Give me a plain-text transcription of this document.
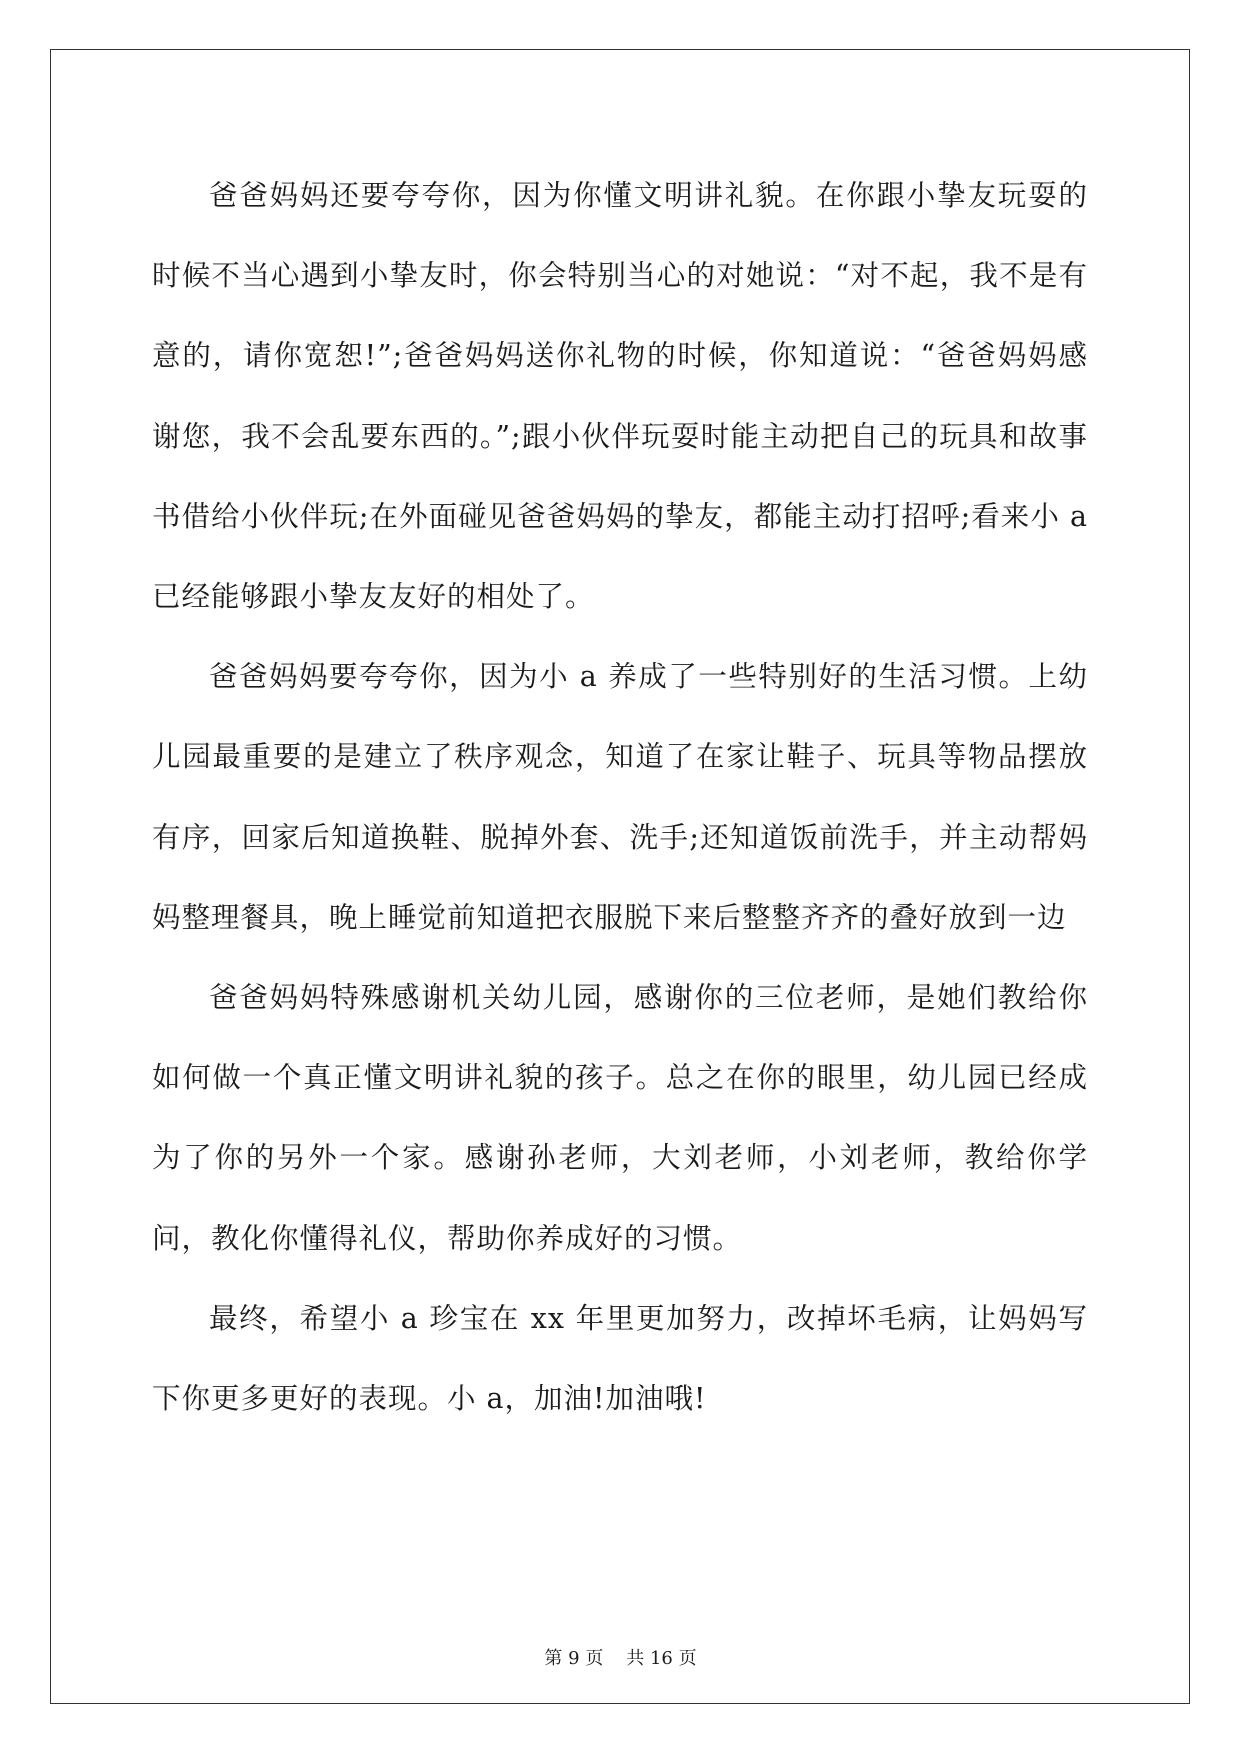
爸爸妈妈还要夸夸你，因为你懂文明讲礼貌。在你跟小挚友玩耍的时候不当心遇到小挚友时，你会特别当心的对她说：“对不起，我不是有意的，请你宽恕!”;爸爸妈妈送你礼物的时候，你知道说：“爸爸妈妈感谢您，我不会乱要东西的。”;跟小伙伴玩耍时能主动把自己的玩具和故事书借给小伙伴玩;在外面碰见爸爸妈妈的挚友，都能主动打招呼;看来小 a 已经能够跟小挚友友好的相处了。

爸爸妈妈要夸夸你，因为小 a 养成了一些特别好的生活习惯。上幼儿园最重要的是建立了秩序观念，知道了在家让鞋子、玩具等物品摆放有序，回家后知道换鞋、脱掉外套、洗手;还知道饭前洗手，并主动帮妈妈整理餐具，晚上睡觉前知道把衣服脱下来后整整齐齐的叠好放到一边

爸爸妈妈特殊感谢机关幼儿园，感谢你的三位老师，是她们教给你如何做一个真正懂文明讲礼貌的孩子。总之在你的眼里，幼儿园已经成为了你的另外一个家。感谢孙老师，大刘老师，小刘老师，教给你学问，教化你懂得礼仪，帮助你养成好的习惯。

最终，希望小 a 珍宝在 xx 年里更加努力，改掉坏毛病，让妈妈写下你更多更好的表现。小 a，加油!加油哦!

第 9 页 共 16 页
